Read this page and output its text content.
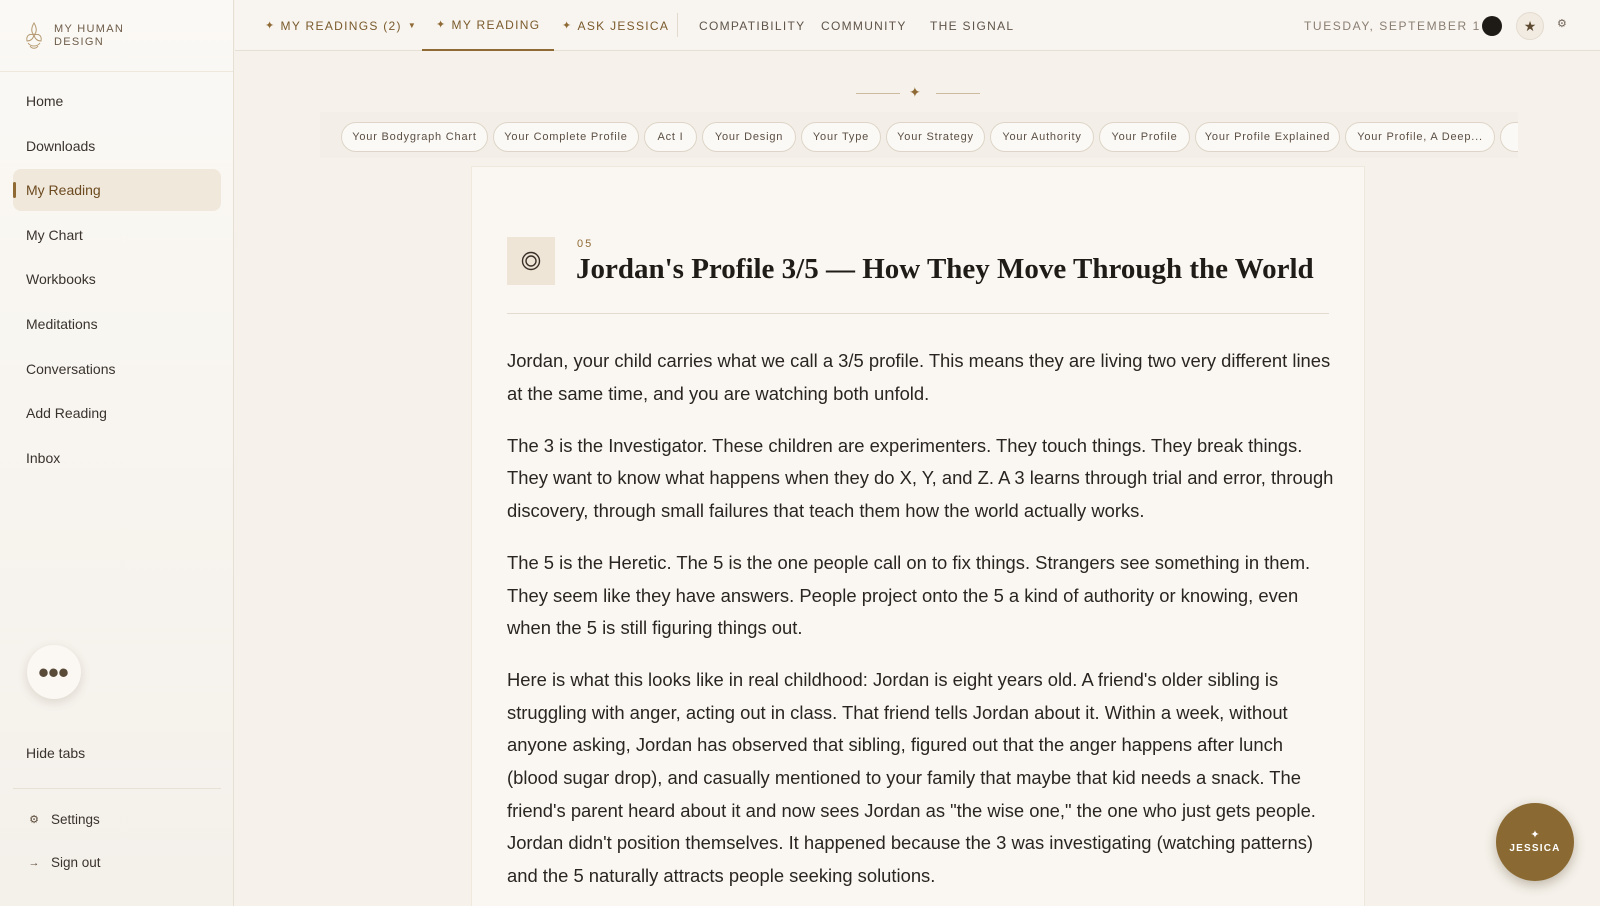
MY HUMAN
DESIGN
Home
Downloads
My Reading
My Chart
Workbooks
Meditations
Conversations
Add Reading
Inbox
⦁⦁⦁
Hide tabs
⚙ Settings
→ Sign out
✦ MY READINGS (2) ▼ ✦ MY READING ✦ ASK JESSICA COMPATIBILITY COMMUNITY THE SIGNAL	TUESDAY, SEPTEMBER 1	★ ⚙
✦
Your Bodygraph Chart	Your Complete Profile	Act I	Your Design	Your Type	Your Strategy	Your Authority	Your Profile	Your Profile Explained	Your Profile, A Deep...
05
Jordan's Profile 3/5 — How They Move Through the World

Jordan, your child carries what we call a 3/5 profile. This means they are living two very different lines at the same time, and you are watching both unfold.

The 3 is the Investigator. These children are experimenters. They touch things. They break things. They want to know what happens when they do X, Y, and Z. A 3 learns through trial and error, through discovery, through small failures that teach them how the world actually works.

The 5 is the Heretic. The 5 is the one people call on to fix things. Strangers see something in them. They seem like they have answers. People project onto the 5 a kind of authority or knowing, even when the 5 is still figuring things out.

Here is what this looks like in real childhood: Jordan is eight years old. A friend's older sibling is struggling with anger, acting out in class. That friend tells Jordan about it. Within a week, without anyone asking, Jordan has observed that sibling, figured out that the anger happens after lunch (blood sugar drop), and casually mentioned to your family that maybe that kid needs a snack. The friend's parent heard about it and now sees Jordan as "the wise one," the one who just gets people. Jordan didn't position themselves. It happened because the 3 was investigating (watching patterns) and the 5 naturally attracts people seeking solutions.

✦
JESSICA
